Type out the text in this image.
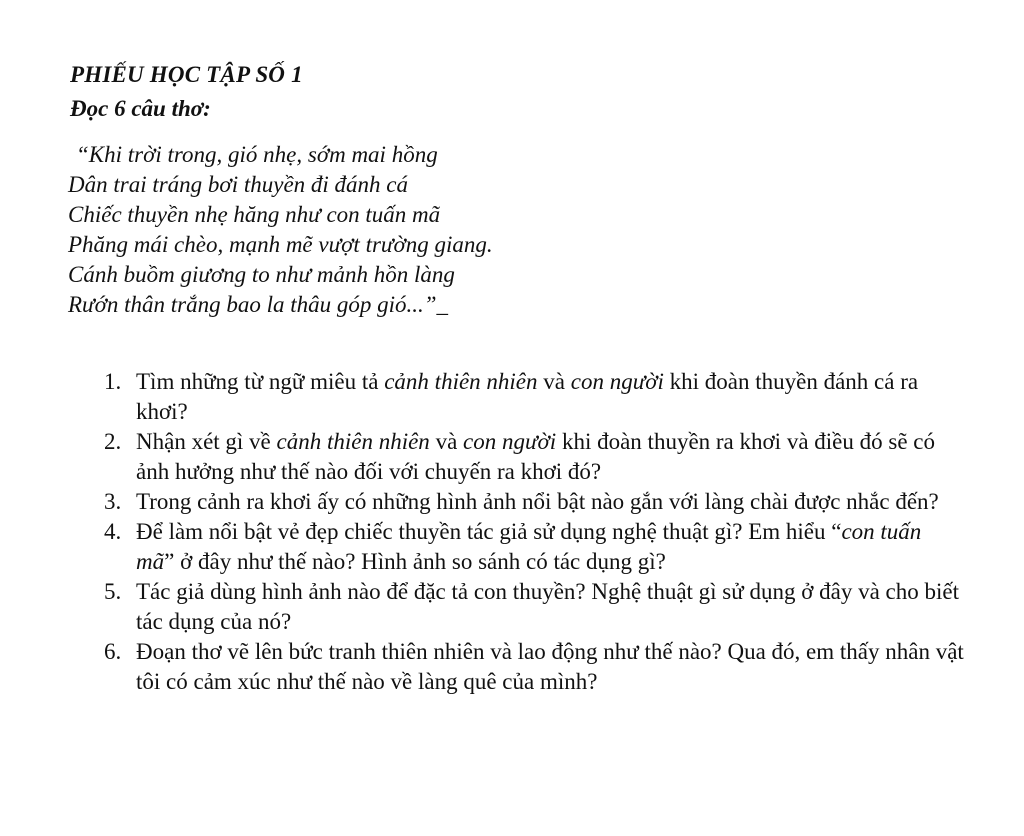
PHIẾU HỌC TẬP SỐ 1
Đọc 6 câu thơ:
“Khi trời trong, gió nhẹ, sớm mai hồng
Dân trai tráng bơi thuyền đi đánh cá
Chiếc thuyền nhẹ hăng như con tuấn mã
Phăng mái chèo, mạnh mẽ vượt trường giang.
Cánh buồm giương to như mảnh hồn làng
Rướn thân trắng bao la thâu góp gió...”_
1. Tìm những từ ngữ miêu tả cảnh thiên nhiên và con người khi đoàn thuyền đánh cá ra khơi?
2. Nhận xét gì về cảnh thiên nhiên và con người khi đoàn thuyền ra khơi và điều đó sẽ có ảnh hưởng như thế nào đối với chuyến ra khơi đó?
3. Trong cảnh ra khơi ấy có những hình ảnh nổi bật nào gắn với làng chài được nhắc đến?
4. Để làm nổi bật vẻ đẹp chiếc thuyền tác giả sử dụng nghệ thuật gì? Em hiểu “con tuấn mã” ở đây như thế nào? Hình ảnh so sánh có tác dụng gì?
5. Tác giả dùng hình ảnh nào để đặc tả con thuyền? Nghệ thuật gì sử dụng ở đây và cho biết tác dụng của nó?
6. Đoạn thơ vẽ lên bức tranh thiên nhiên và lao động như thế nào? Qua đó, em thấy nhân vật tôi có cảm xúc như thế nào về làng quê của mình?
